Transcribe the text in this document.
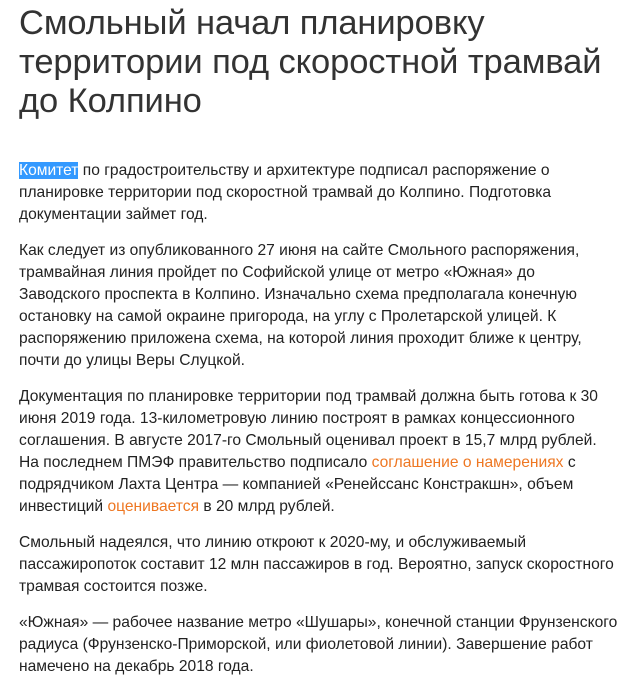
Смольный начал планировку территории под скоростной трамвай до Колпино

Комитет по градостроительству и архитектуре подписал распоряжение о планировке территории под скоростной трамвай до Колпино. Подготовка документации займет год.

Как следует из опубликованного 27 июня на сайте Смольного распоряжения, трамвайная линия пройдет по Софийской улице от метро «Южная» до Заводского проспекта в Колпино. Изначально схема предполагала конечную остановку на самой окраине пригорода, на углу с Пролетарской улицей. К распоряжению приложена схема, на которой линия проходит ближе к центру, почти до улицы Веры Слуцкой.

Документация по планировке территории под трамвай должна быть готова к 30 июня 2019 года. 13-километровую линию построят в рамках концессионного соглашения. В августе 2017-го Смольный оценивал проект в 15,7 млрд рублей. На последнем ПМЭФ правительство подписало соглашение о намерениях с подрядчиком Лахта Центра — компанией «Ренейссанс Констракшн», объем инвестиций оценивается в 20 млрд рублей.

Смольный надеялся, что линию откроют к 2020-му, и обслуживаемый пассажиропоток составит 12 млн пассажиров в год. Вероятно, запуск скоростного трамвая состоится позже.

«Южная» — рабочее название метро «Шушары», конечной станции Фрунзенского радиуса (Фрунзенско-Приморской, или фиолетовой линии). Завершение работ намечено на декабрь 2018 года.
